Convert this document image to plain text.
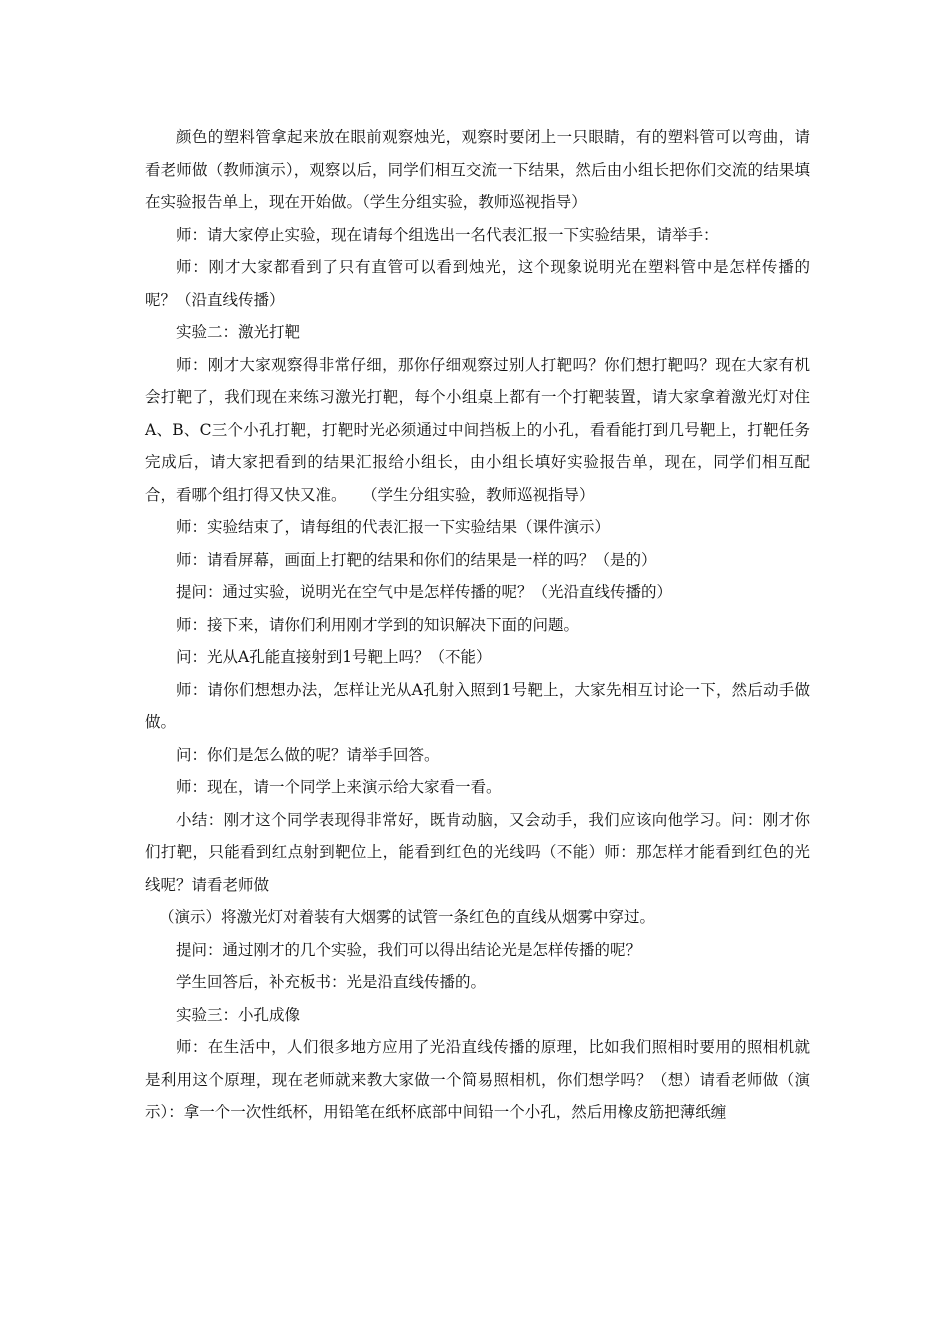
颜色的塑料管拿起来放在眼前观察烛光，观察时要闭上一只眼睛，有的塑料管可以弯曲，请看老师做（教师演示），观察以后，同学们相互交流一下结果，然后由小组长把你们交流的结果填在实验报告单上，现在开始做。（学生分组实验，教师巡视指导）

师：请大家停止实验，现在请每个组选出一名代表汇报一下实验结果，请举手：

师：刚才大家都看到了只有直管可以看到烛光，这个现象说明光在塑料管中是怎样传播的呢？（沿直线传播）

实验二：激光打靶

师：刚才大家观察得非常仔细，那你仔细观察过别人打靶吗？你们想打靶吗？现在大家有机会打靶了，我们现在来练习激光打靶，每个小组桌上都有一个打靶装置，请大家拿着激光灯对住A、B、C三个小孔打靶，打靶时光必须通过中间挡板上的小孔，看看能打到几号靶上，打靶任务完成后，请大家把看到的结果汇报给小组长，由小组长填好实验报告单，现在，同学们相互配合，看哪个组打得又快又准。　　（学生分组实验，教师巡视指导）

师：实验结束了，请每组的代表汇报一下实验结果（课件演示）

师：请看屏幕，画面上打靶的结果和你们的结果是一样的吗？（是的）

提问：通过实验，说明光在空气中是怎样传播的呢？（光沿直线传播的）

师：接下来，请你们利用刚才学到的知识解决下面的问题。

问：光从A孔能直接射到1号靶上吗？（不能）

师：请你们想想办法，怎样让光从A孔射入照到1号靶上，大家先相互讨论一下，然后动手做做。

问：你们是怎么做的呢？请举手回答。

师：现在，请一个同学上来演示给大家看一看。

小结：刚才这个同学表现得非常好，既肯动脑，又会动手，我们应该向他学习。问：刚才你们打靶，只能看到红点射到靶位上，能看到红色的光线吗（不能）师：那怎样才能看到红色的光线呢？请看老师做

（演示）将激光灯对着装有大烟雾的试管一条红色的直线从烟雾中穿过。

提问：通过刚才的几个实验，我们可以得出结论光是怎样传播的呢？

学生回答后，补充板书：光是沿直线传播的。

实验三：小孔成像

师：在生活中，人们很多地方应用了光沿直线传播的原理，比如我们照相时要用的照相机就是利用这个原理，现在老师就来教大家做一个简易照相机，你们想学吗？（想）请看老师做（演示）：拿一个一次性纸杯，用铅笔在纸杯底部中间铅一个小孔，然后用橡皮筋把薄纸缠
